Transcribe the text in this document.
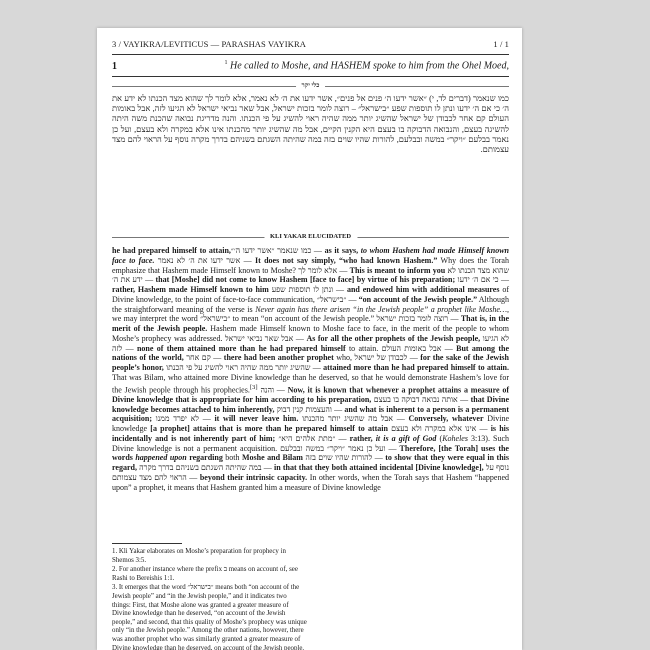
3 / VAYIKRA/LEVITICUS — PARASHAS VAYIKRA	1 / 1
1	$^1$ He called to Moshe, and HASHEM spoke to him from the Ohel Moed,
כלי יקר
כמו שנאמר (דברים לד, י) ״אשר ידעו ה׳ פנים אל פנים״, אשר ידעו את ה׳ לא נאמר, אלא לומר לך שהוא מצד הכנתו לא ידע את ה׳ כי אם ה׳ ידעו ונתן לו תוספות שפע ״בישראל״ – רוצה לומר בזכות ישראל, אבל שאר נביאי ישראל לא הגיעו לזה, אבל באומות העולם קם אחר לכבודן של ישראל שהשיג יותר ממה שהיה ראוי להשיג על פי הכנתו. והנה מדריגת נבואה שהכנת משה היתה להשיגה בעצם, והנבואה הדבוקה בו בעצם היא הקנין הקיים, אבל מה שהשיג יותר מהכנתו אינו אלא במקרה ולא בעצם, ועל כן נאמר בבלעם ״ויקר״ במשה ובבלעם, להורות שהיו שוים בזה במה שהיתה השגתם בשניהם בדרך מקרה נוסף על הראוי להם מצד עצמותם.
KLI YAKAR ELUCIDATED
he had prepared himself to attain,כמו שנאמר ״אשר ידעו ה׳״ — as it says, to whom Hashem had made Himself known face to face. אשר ידעו את ה׳ לא נאמר — It does not say simply, “who had known Hashem.” Why does the Torah emphasize that Hashem made Himself known to Moshe? אלא לומר לך — This is meant to inform you שהוא מצד הכנתו לא ידע את ה׳ — that [Moshe] did not come to know Hashem [face to face] by virtue of his preparation; כי אם ה׳ ידעו — rather, Hashem made Himself known to him ונתן לו תוספות שפע — and endowed him with additional measures of Divine knowledge, to the point of face-to-face communication, ״בישראל״ — “on account of the Jewish people.” Although the straightforward meaning of the verse is Never again has there arisen “in the Jewish people” a prophet like Moshe…, we may interpret the word ״בישראל״ to mean “on account of the Jewish people.” רוצה לומר בזכות ישראל — That is, in the merit of the Jewish people. Hashem made Himself known to Moshe face to face, in the merit of the people to whom Moshe’s prophecy was addressed. אבל שאר נביאי ישראל — As for all the other prophets of the Jewish people, לא הגיעו לזה — none of them attained more than he had prepared himself to attain. אבל באומות העולם — But among the nations of the world, קם אחר — there had been another prophet who, לכבודן של ישראל — for the sake of the Jewish people’s honor, שהשיג יותר ממה שהיה ראוי להשיג על פי הכנתו — attained more than he had prepared himself to attain. That was Bilam, who attained more Divine knowledge than he deserved, so that he would demonstrate Hashem’s love for the Jewish people through his prophecies.[3] והנה — Now, it is known that whenever a prophet attains a measure of Divine knowledge that is appropriate for him according to his preparation, אותה נבואה דבוקה בו בעצם — that Divine knowledge becomes attached to him inherently, והעצמות קנין דבוק — and what is inherent to a person is a permanent acquisition; לא יפרד ממנו — it will never leave him. אבל מה שהשיג יותר מהכנתו — Conversely, whatever Divine knowledge [a prophet] attains that is more than he prepared himself to attain אינו אלא במקרה ולא בעצם — is his incidentally and is not inherently part of him; ״מתת אלהים היא״ — rather, it is a gift of God (Koheles 3:13). Such Divine knowledge is not a permanent acquisition. ועל כן נאמר ״ויקר״ במשה ובבלעם — Therefore, [the Torah] uses the words happened upon regarding both Moshe and Bilam להורות שהיו שוים בזה — to show that they were equal in this regard, במה שהיתה השגתם בשניהם בדרך מקרה — in that that they both attained incidental [Divine knowledge], נוסף על הראוי להם מצד עצמותם — beyond their intrinsic capacity. In other words, when the Torah says that Hashem “happened upon” a prophet, it means that Hashem granted him a measure of Divine knowledge

1. Kli Yakar elaborates on Moshe’s preparation for prophecy in Shemos 3:5.

2. For another instance where the prefix ב means on account of, see Rashi to Bereishis 1:1.

3. It emerges that the word ״בישראל״ means both “on account of the Jewish people” and “in the Jewish people,” and it indicates two things: First, that Moshe alone was granted a greater measure of Divine knowledge than he deserved, “on account of the Jewish people,” and second, that this quality of Moshe’s prophecy was unique only “in the Jewish people.” Among the other nations, however, there was another prophet who was similarly granted a greater measure of Divine knowledge than he deserved, on account of the Jewish people.
